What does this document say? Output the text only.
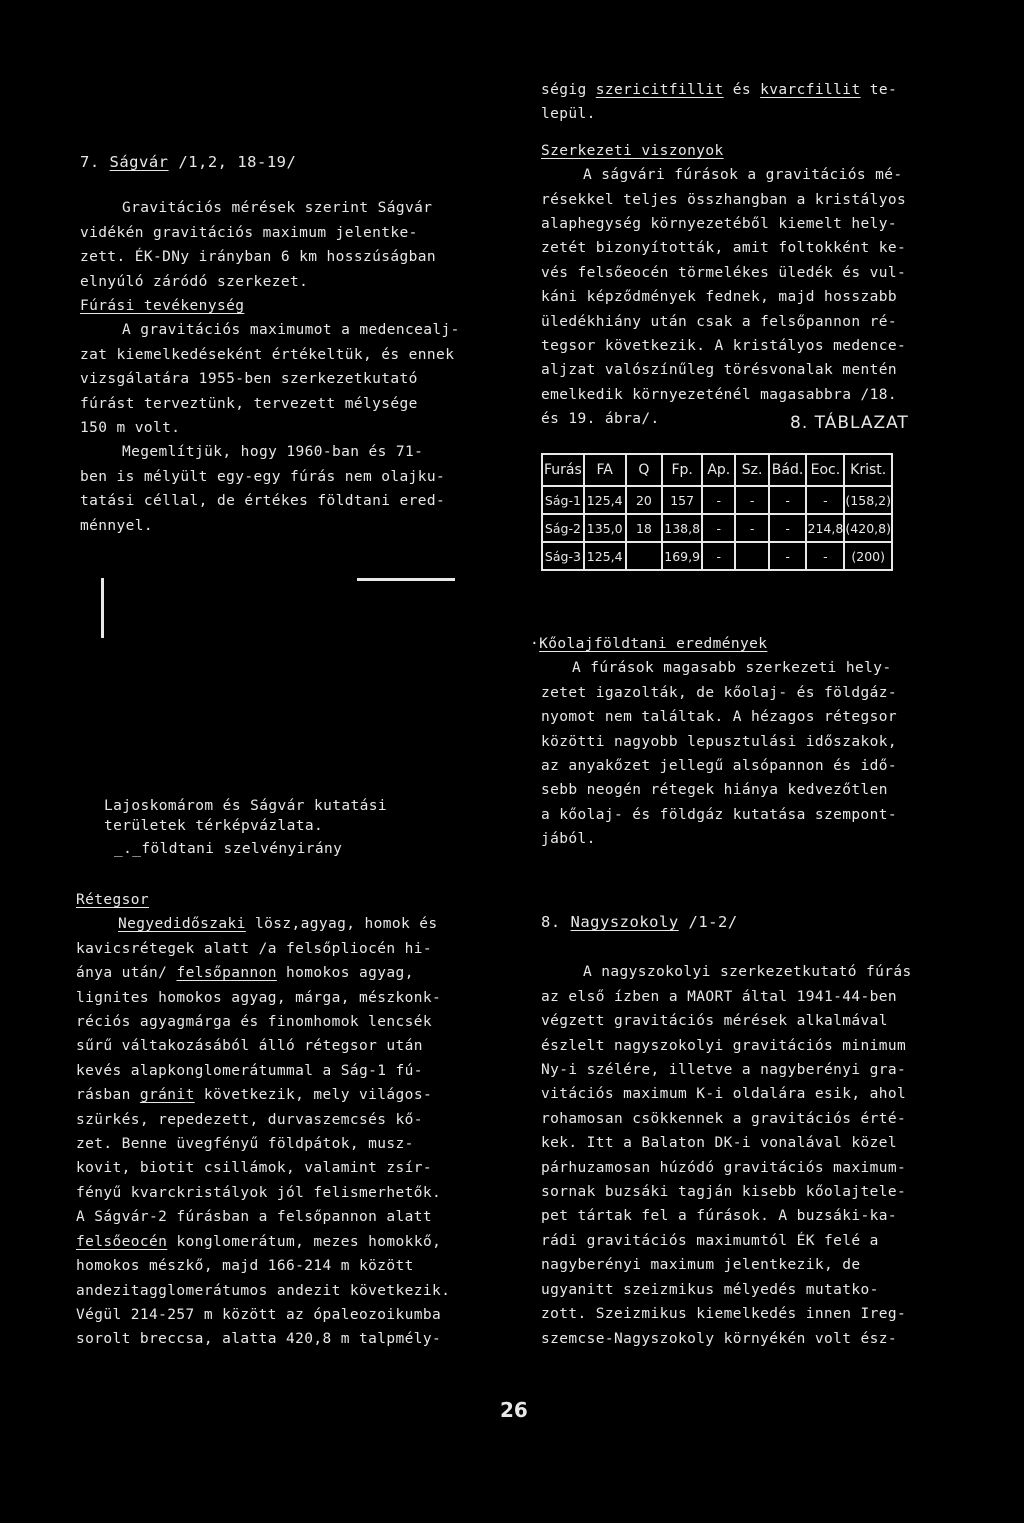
7. Ságvár /1,2, 18-19/

Gravitációs mérések szerint Ságvár

vidékén gravitációs maximum jelentke-

zett. ÉK-DNy irányban 6 km hosszúságban

elnyúló záródó szerkezet.

Fúrási tevékenység

A gravitációs maximumot a medencealj-

zat kiemelkedéseként értékeltük, és ennek

vizsgálatára 1955-ben szerkezetkutató

fúrást terveztünk, tervezett mélysége

150 m volt.

Megemlítjük, hogy 1960-ban és 71-

ben is mélyült egy-egy fúrás nem olajku-

tatási céllal, de értékes földtani ered-

ménnyel.

Lajoskomárom és Ságvár kutatási

területek térképvázlata.

_._földtani szelvényirány

Rétegsor

Negyedidőszaki lösz,agyag, homok és

kavicsrétegek alatt /a felsőpliocén hi-

ánya után/ felsőpannon homokos agyag,

lignites homokos agyag, márga, mészkonk-

réciós agyagmárga és finomhomok lencsék

sűrű váltakozásából álló rétegsor után

kevés alapkonglomerátummal a Ság-1 fú-

rásban gránit következik, mely világos-

szürkés, repedezett, durvaszemcsés kő-

zet. Benne üvegfényű földpátok, musz-

kovit, biotit csillámok, valamint zsír-

fényű kvarckristályok jól felismerhetők.

A Ságvár-2 fúrásban a felsőpannon alatt

felsőeocén konglomerátum, mezes homokkő,

homokos mészkő, majd 166-214 m között

andezitagglomerátumos andezit következik.

Végül 214-257 m között az ópaleozoikumba

sorolt breccsa, alatta 420,8 m talpmély-

ségig szericitfillit és kvarcfillit te-

lepül.

Szerkezeti viszonyok

A ságvári fúrások a gravitációs mé-

résekkel teljes összhangban a kristályos

alaphegység környezetéből kiemelt hely-

zetét bizonyították, amit foltokként ke-

vés felsőeocén törmelékes üledék és vul-

káni képződmények fednek, majd hosszabb

üledékhiány után csak a felsőpannon ré-

tegsor következik. A kristályos medence-

aljzat valószínűleg törésvonalak mentén

emelkedik környezeténél magasabbra /18.

és 19. ábra/.	8. TÁBLAZAT
Furás	FA	Q	Fp.	Ap.	Sz.	Bád.	Eoc.	Krist.
Ság-1	125,4	20	157	-	-	-	-	(158,2)
Ság-2	135,0	18	138,8	-	-	-	214,8	(420,8)
Ság-3	125,4		169,9	-		-	-	(200)

·Kőolajföldtani eredmények

A fúrások magasabb szerkezeti hely-

zetet igazolták, de kőolaj- és földgáz-

nyomot nem találtak. A hézagos rétegsor

közötti nagyobb lepusztulási időszakok,

az anyakőzet jellegű alsópannon és idő-

sebb neogén rétegek hiánya kedvezőtlen

a kőolaj- és földgáz kutatása szempont-

jából.

8. Nagyszokoly /1-2/

A nagyszokolyi szerkezetkutató fúrás

az első ízben a MAORT által 1941-44-ben

végzett gravitációs mérések alkalmával

észlelt nagyszokolyi gravitációs minimum

Ny-i szélére, illetve a nagyberényi gra-

vitációs maximum K-i oldalára esik, ahol

rohamosan csökkennek a gravitációs érté-

kek. Itt a Balaton DK-i vonalával közel

párhuzamosan húzódó gravitációs maximum-

sornak buzsáki tagján kisebb kőolajtele-

pet tártak fel a fúrások. A buzsáki-ka-

rádi gravitációs maximumtól ÉK felé a

nagyberényi maximum jelentkezik, de

ugyanitt szeizmikus mélyedés mutatko-

zott. Szeizmikus kiemelkedés innen Ireg-

szemcse-Nagyszokoly környékén volt ész-

26
